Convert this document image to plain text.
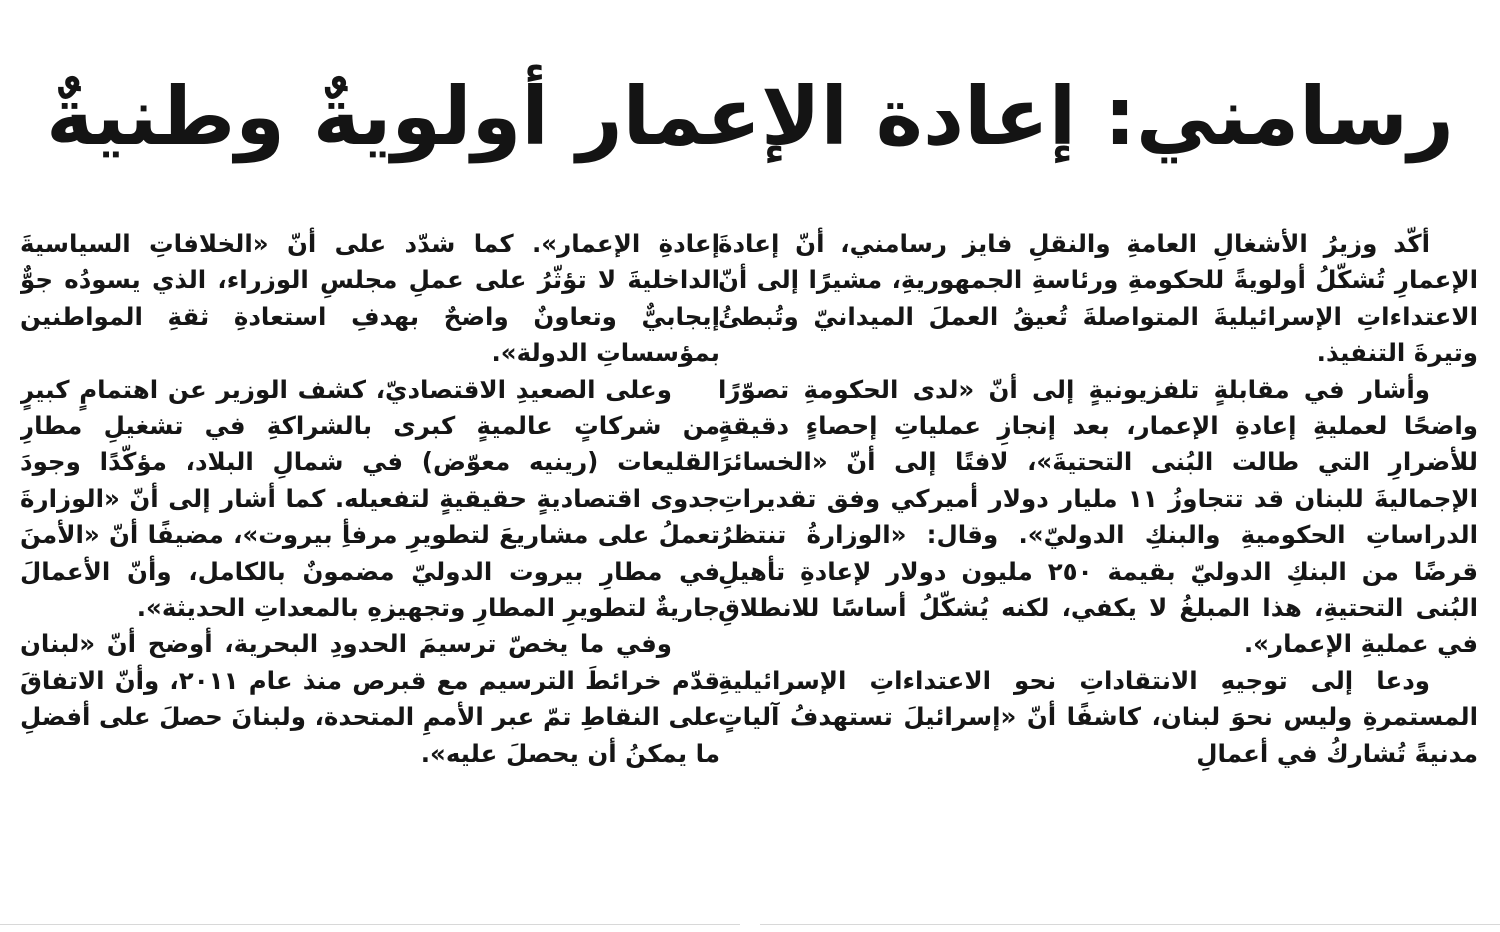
رسامني: إعادة الإعمار أولويةٌ وطنيةٌ

أكّد وزيرُ الأشغالِ العامةِ والنقلِ فايز رسامني، أنّ إعادةَ الإعمارِ تُشكّلُ أولويةً للحكومةِ ورئاسةِ الجمهوريةِ، مشيرًا إلى أنّ الاعتداءاتِ الإسرائيليةَ المتواصلةَ تُعيقُ العملَ الميدانيّ وتُبطئُ وتيرةَ التنفيذ.

وأشار في مقابلةٍ تلفزيونيةٍ إلى أنّ «لدى الحكومةِ تصوّرًا واضحًا لعمليةِ إعادةِ الإعمار، بعد إنجازِ عملياتِ إحصاءٍ دقيقةٍ للأضرارِ التي طالت البُنى التحتيةَ»، لافتًا إلى أنّ «الخسائرَ الإجماليةَ للبنان قد تتجاوزُ ١١ مليار دولار أميركي وفق تقديراتِ الدراساتِ الحكوميةِ والبنكِ الدوليّ». وقال: «الوزارةُ تنتظرُ قرضًا من البنكِ الدوليّ بقيمة ٢٥٠ مليون دولار لإعادةِ تأهيلِ البُنى التحتيةِ، هذا المبلغُ لا يكفي، لكنه يُشكّلُ أساسًا للانطلاقِ في عمليةِ الإعمار».

ودعا إلى توجيهِ الانتقاداتِ نحو الاعتداءاتِ الإسرائيليةِ المستمرةِ وليس نحوَ لبنان، كاشفًا أنّ «إسرائيلَ تستهدفُ آلياتٍ مدنيةً تُشاركُ في أعمالِ

إعادةِ الإعمار». كما شدّد على أنّ «الخلافاتِ السياسيةَ الداخليةَ لا تؤثّرُ على عملِ مجلسِ الوزراء، الذي يسودُه جوٌّ إيجابيٌّ وتعاونٌ واضحٌ بهدفِ استعادةِ ثقةِ المواطنين بمؤسساتِ الدولة».

وعلى الصعيدِ الاقتصاديّ، كشف الوزير عن اهتمامٍ كبيرٍ من شركاتٍ عالميةٍ كبرى بالشراكةِ في تشغيلِ مطارِ القليعات (رينيه معوّض) في شمالِ البلاد، مؤكّدًا وجودَ جدوى اقتصاديةٍ حقيقيةٍ لتفعيله. كما أشار إلى أنّ «الوزارةَ تعملُ على مشاريعَ لتطويرِ مرفأِ بيروت»، مضيفًا أنّ «الأمنَ في مطارِ بيروت الدوليّ مضمونٌ بالكامل، وأنّ الأعمالَ جاريةٌ لتطويرِ المطارِ وتجهيزهِ بالمعداتِ الحديثة».

وفي ما يخصّ ترسيمَ الحدودِ البحرية، أوضح أنّ «لبنان قدّم خرائطَ الترسيم مع قبرص منذ عام ٢٠١١، وأنّ الاتفاقَ على النقاطِ تمّ عبر الأممِ المتحدة، ولبنانَ حصلَ على أفضلِ ما يمكنُ أن يحصلَ عليه».
